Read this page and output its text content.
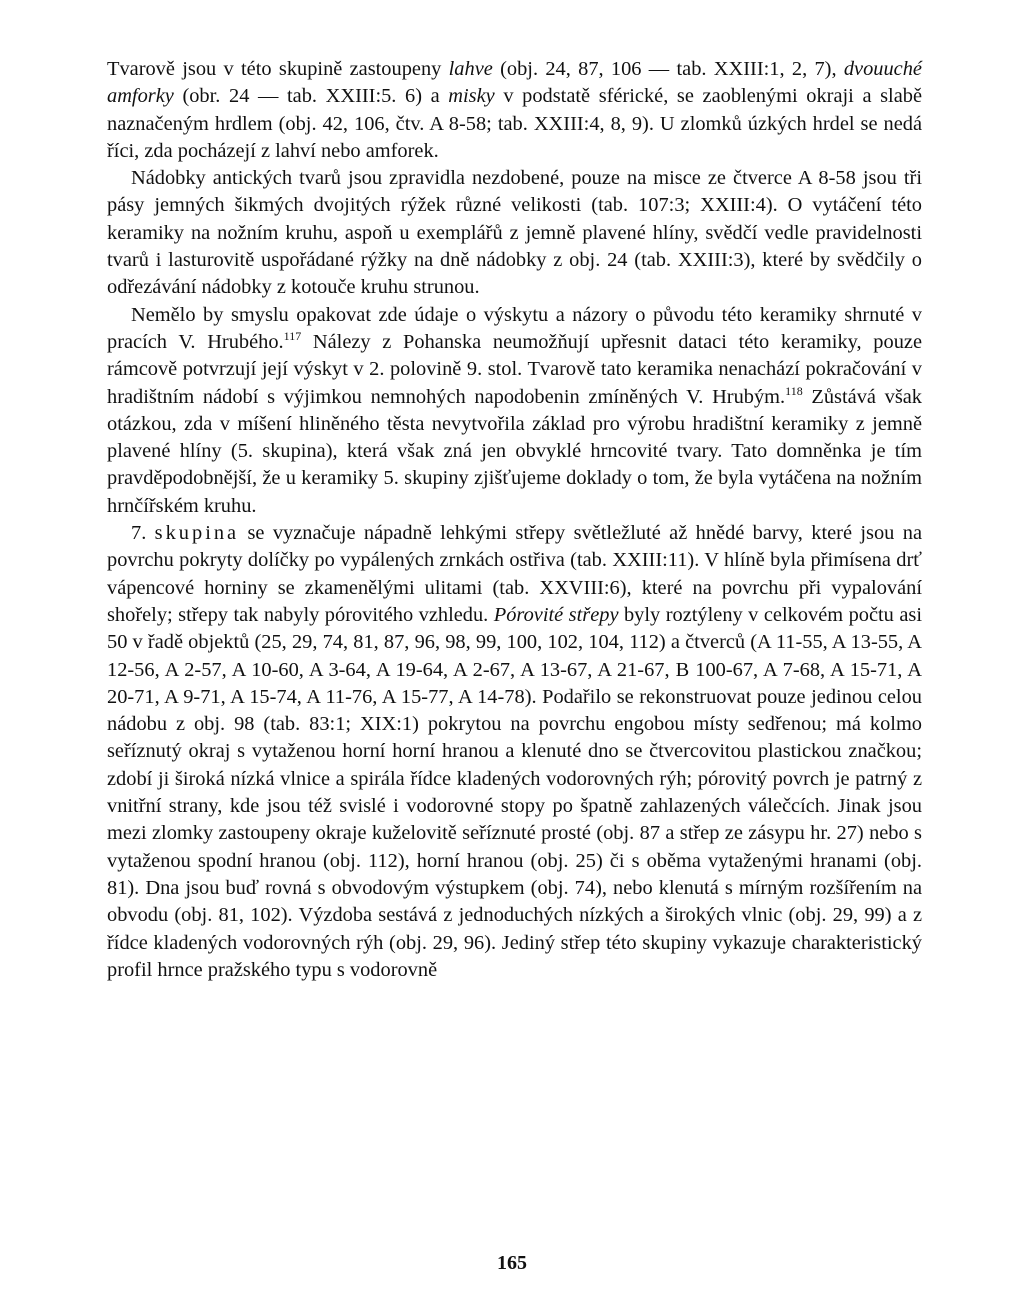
Tvarově jsou v této skupině zastoupeny lahve (obj. 24, 87, 106 — tab. XXIII:1, 2, 7), dvouuché amforky (obr. 24 — tab. XXIII:5. 6) a misky v podstatě sférické, se zaoblenými okraji a slabě naznačeným hrdlem (obj. 42, 106, čtv. A 8-58; tab. XXIII:4, 8, 9). U zlomků úzkých hrdel se nedá říci, zda pocházejí z lahví nebo amforek.

Nádobky antických tvarů jsou zpravidla nezdobené, pouze na misce ze čtverce A 8-58 jsou tři pásy jemných šikmých dvojitých rýžek různé velikosti (tab. 107:3; XXIII:4). O vytáčení této keramiky na nožním kruhu, aspoň u exemplářů z jemně plavené hlíny, svědčí vedle pravidelnosti tvarů i lasturovitě uspořádané rýžky na dně nádobky z obj. 24 (tab. XXIII:3), které by svědčily o odřezávání nádobky z kotouče kruhu strunou.

Nemělo by smyslu opakovat zde údaje o výskytu a názory o původu této keramiky shrnuté v pracích V. Hrubého.$^{117}$ Nálezy z Pohanska neumožňují upřesnit dataci této keramiky, pouze rámcově potvrzují její výskyt v 2. polovině 9. stol. Tvarově tato keramika nenachází pokračování v hradištním nádobí s výjimkou nemnohých napodobenin zmíněných V. Hrubým.$^{118}$ Zůstává však otázkou, zda v míšení hliněného těsta nevytvořila základ pro výrobu hradištní keramiky z jemně plavené hlíny (5. skupina), která však zná jen obvyklé hrncovité tvary. Tato domněnka je tím pravděpodobnější, že u keramiky 5. skupiny zjišťujeme doklady o tom, že byla vytáčena na nožním hrnčířském kruhu.

7. skupina se vyznačuje nápadně lehkými střepy světležluté až hnědé barvy, které jsou na povrchu pokryty dolíčky po vypálených zrnkách ostřiva (tab. XXIII:11). V hlíně byla přimísena drť vápencové horniny se zkamenělými ulitami (tab. XXVIII:6), které na povrchu při vypalování shořely; střepy tak nabyly pórovitého vzhledu. Pórovité střepy byly roztýleny v celkovém počtu asi 50 v řadě objektů (25, 29, 74, 81, 87, 96, 98, 99, 100, 102, 104, 112) a čtverců (A 11-55, A 13-55, A 12-56, A 2-57, A 10-60, A 3-64, A 19-64, A 2-67, A 13-67, A 21-67, B 100-67, A 7-68, A 15-71, A 20-71, A 9-71, A 15-74, A 11-76, A 15-77, A 14-78). Podařilo se rekonstruovat pouze jedinou celou nádobu z obj. 98 (tab. 83:1; XIX:1) pokrytou na povrchu engobou místy sedřenou; má kolmo seříznutý okraj s vytaženou horní horní hranou a klenuté dno se čtvercovitou plastickou značkou; zdobí ji široká nízká vlnice a spirála řídce kladených vodorovných rýh; pórovitý povrch je patrný z vnitřní strany, kde jsou též svislé i vodorovné stopy po špatně zahlazených válečcích. Jinak jsou mezi zlomky zastoupeny okraje kuželovitě seříznuté prosté (obj. 87 a střep ze zásypu hr. 27) nebo s vytaženou spodní hranou (obj. 112), horní hranou (obj. 25) či s oběma vytaženými hranami (obj. 81). Dna jsou buď rovná s obvodovým výstupkem (obj. 74), nebo klenutá s mírným rozšířením na obvodu (obj. 81, 102). Výzdoba sestává z jednoduchých nízkých a širokých vlnic (obj. 29, 99) a z řídce kladených vodorovných rýh (obj. 29, 96). Jediný střep této skupiny vykazuje charakteristický profil hrnce pražského typu s vodorovně

165
